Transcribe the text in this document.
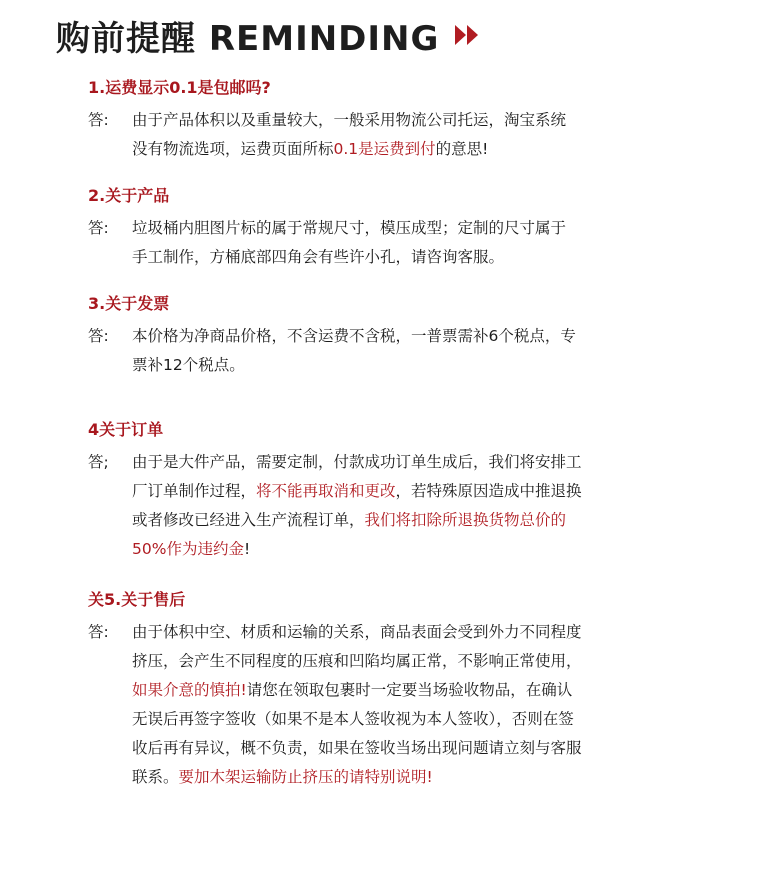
购前提醒 REMINDING
1.运费显示0.1是包邮吗?
答: 由于产品体积以及重量较大，一般采用物流公司托运，淘宝系统
没有物流选项，运费页面所标0.1是运费到付的意思!
2.关于产品
答: 垃圾桶内胆图片标的属于常规尺寸，模压成型；定制的尺寸属于
手工制作，方桶底部四角会有些许小孔，请咨询客服。
3.关于发票
答: 本价格为净商品价格，不含运费不含税，一普票需补6个税点，专
票补12个税点。
4关于订单
答; 由于是大件产品，需要定制，付款成功订单生成后，我们将安排工
厂订单制作过程，将不能再取消和更改，若特殊原因造成中推退换
或者修改已经进入生产流程订单，我们将扣除所退换货物总价的
50%作为违约金!
关5.关于售后
答: 由于体积中空、材质和运输的关系，商品表面会受到外力不同程度
挤压，会产生不同程度的压痕和凹陷均属正常，不影响正常使用，
如果介意的慎拍!请您在领取包裹时一定要当场验收物品，在确认
无误后再签字签收（如果不是本人签收视为本人签收），否则在签
收后再有异议，概不负责，如果在签收当场出现问题请立刻与客服
联系。要加木架运输防止挤压的请特别说明!
